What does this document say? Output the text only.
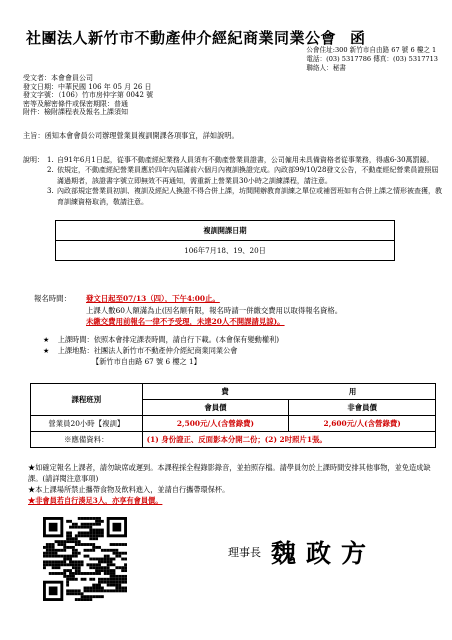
社團法人新竹市不動產仲介經紀商業同業公會 函
公會住址:300 新竹市自由路 67 號 6 樓之 1
電話：(03) 5317786 傳真：(03) 5317713
聯絡人：秘書
受文者：本會會員公司
發文日期：中華民國 106 年 05 月 26 日
發文字號：（106）竹市房仲字第 0042 號
密等及解密條件或保密期限：普通
附件：檢附課程表及報名上課須知
主旨：函知本會會員公司辦理營業員複訓開課各項事宜，詳如說明。
說明： 1. 自91年6月1日起，從事不動產經紀業務人員須有不動產營業員證書，公司僱用未具備資格者從事業務，得處6-30萬罰鍰。
2. 依規定，不動產經紀營業員應於四年內屆滿前六個月內複訓換證完成。內政部99/10/28發文公告，不動產經紀營業員證照屆滿過期者，該證書字號立即無效不再通知，需重新上營業員30小時之訓練課程，請注意。
3. 內政部規定營業員初訓、複訓及經紀人換證不得合併上課，坊間開辦教育訓練之單位或補習班如有合併上課之情形被查獲，教育訓練資格取消，敬請注意。
複訓開課日期
106年7月18、19、20日
報名時間：	發文日起至07/13（四），下午4:00止。
上課人數60人額滿為止(因名額有限，報名時請一併繳交費用以取得報名資格。
未繳交費用前報名一律不予受理，未達20人不開課請見諒)。
★ 上課時間：依照本會排定課表時間，請自行下載。(本會保有變動權利)
★ 上課地點：社團法人新竹市不動產仲介經紀商業同業公會
【新竹市自由路 67 號 6 樓之 1】
課程班別	費 用	
	會員價	非會員價
營業員20小時【複訓】	2,500元/人(含營錄費)	2,600元/人(含營錄費)
※應備資料：	(1) 身份證正、反面影本分開二份；(2) 2吋照片1張。	
★如確定報名上課者，請勿缺席或遲到。本課程採全程錄影錄音，並拍照存檔。請學員勿於上課時間安排其他事物，並免造成缺課。(請詳閱注意事項)
★本上課場所禁止攜帶食物及飲料進入，並請自行攜帶環保杯。
★非會員若自行湊足3人，亦享有會員價。
理事長 魏政方
